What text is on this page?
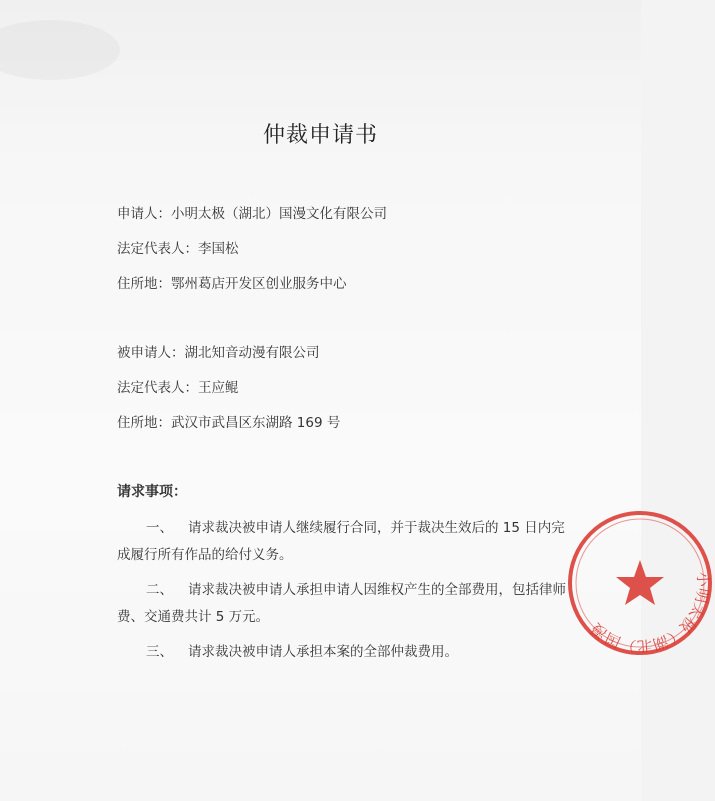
仲裁申请书
申请人：小明太极（湖北）国漫文化有限公司
法定代表人：李国松
住所地：鄂州葛店开发区创业服务中心
被申请人：湖北知音动漫有限公司
法定代表人：王应鲲
住所地：武汉市武昌区东湖路 169 号
请求事项：
一、 请求裁决被申请人继续履行合同，并于裁决生效后的 15 日内完
成履行所有作品的给付义务。
二、 请求裁决被申请人承担申请人因维权产生的全部费用，包括律师
费、交通费共计 5 万元。
三、 请求裁决被申请人承担本案的全部仲裁费用。
小明太极（湖北）国漫
